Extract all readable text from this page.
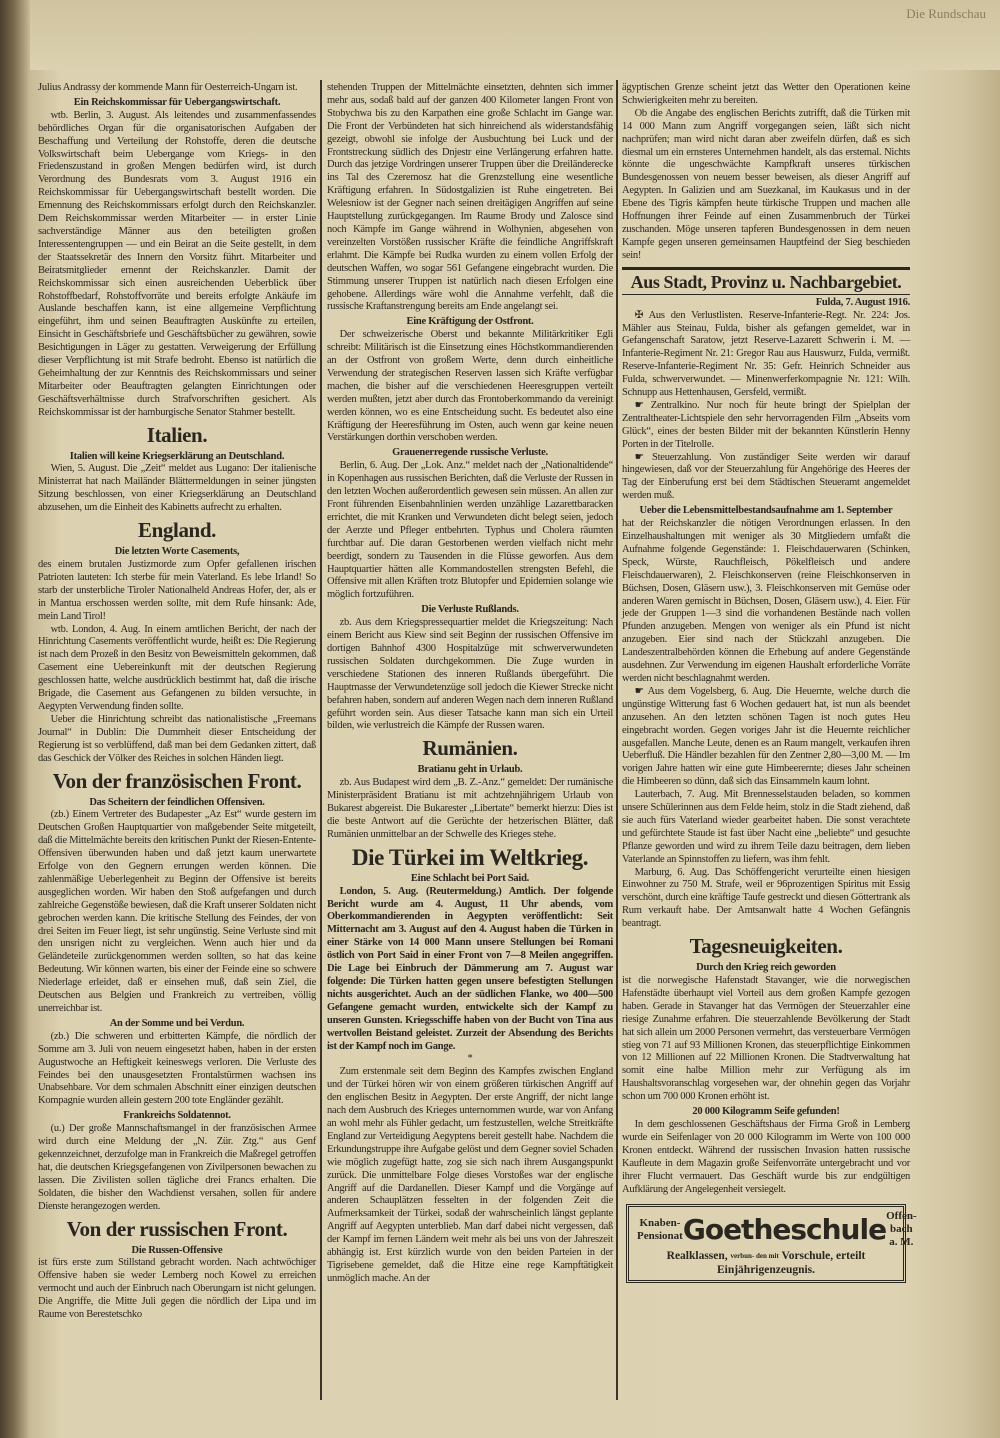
Die Rundschau

Julius Andrassy der kommende Mann für Oesterreich-Ungarn ist.

Ein Reichskommissar für Uebergangswirtschaft.

wtb. Berlin, 3. August. Als leitendes und zusammenfassendes behördliches Organ für die organisatorischen Aufgaben der Beschaffung und Verteilung der Rohstoffe, deren die deutsche Volkswirtschaft beim Uebergange vom Kriegs- in den Friedenszustand in großen Mengen bedürfen wird, ist durch Verordnung des Bundesrats vom 3. August 1916 ein Reichskommissar für Uebergangswirtschaft bestellt worden. Die Ernennung des Reichskommissars erfolgt durch den Reichskanzler. Dem Reichskommissar werden Mitarbeiter — in erster Linie sachverständige Männer aus den beteiligten großen Interessentengruppen — und ein Beirat an die Seite gestellt, in dem der Staatssekretär des Innern den Vorsitz führt. Mitarbeiter und Beiratsmitglieder ernennt der Reichskanzler. Damit der Reichskommissar sich einen ausreichenden Ueberblick über Rohstoffbedarf, Rohstoffvorräte und bereits erfolgte Ankäufe im Auslande beschaffen kann, ist eine allgemeine Verpflichtung eingeführt, ihm und seinen Beauftragten Auskünfte zu erteilen, Einsicht in Geschäftsbriefe und Geschäftsbücher zu gewähren, sowie Besichtigungen in Läger zu gestatten. Verweigerung der Erfüllung dieser Verpflichtung ist mit Strafe bedroht. Ebenso ist natürlich die Geheimhaltung der zur Kenntnis des Reichskommissars und seiner Mitarbeiter oder Beauftragten gelangten Einrichtungen oder Geschäftsverhältnisse durch Strafvorschriften gesichert. Als Reichskommissar ist der hamburgische Senator Stahmer bestellt.

Italien.
Italien will keine Kriegserklärung an Deutschland.

Wien, 5. August. Die „Zeit“ meldet aus Lugano: Der italienische Ministerrat hat nach Mailänder Blättermeldungen in seiner jüngsten Sitzung beschlossen, von einer Kriegserklärung an Deutschland abzusehen, um die Einheit des Kabinetts aufrecht zu erhalten.

England.
Die letzten Worte Casements,

des einem brutalen Justizmorde zum Opfer gefallenen irischen Patrioten lauteten: Ich sterbe für mein Vaterland. Es lebe Irland! So starb der unsterbliche Tiroler Nationalheld Andreas Hofer, der, als er in Mantua erschossen werden sollte, mit dem Rufe hinsank: Ade, mein Land Tirol!

wtb. London, 4. Aug. In einem amtlichen Bericht, der nach der Hinrichtung Casements veröffentlicht wurde, heißt es: Die Regierung ist nach dem Prozeß in den Besitz von Beweismitteln gekommen, daß Casement eine Uebereinkunft mit der deutschen Regierung geschlossen hatte, welche ausdrücklich bestimmt hat, daß die irische Brigade, die Casement aus Gefangenen zu bilden versuchte, in Aegypten Verwendung finden sollte.

Ueber die Hinrichtung schreibt das nationalistische „Freemans Journal“ in Dublin: Die Dummheit dieser Entscheidung der Regierung ist so verblüffend, daß man bei dem Gedanken zittert, daß das Geschick der Völker des Reiches in solchen Händen liegt.

Von der französischen Front.
Das Scheitern der feindlichen Offensiven.

(zb.) Einem Vertreter des Budapester „Az Est“ wurde gestern im Deutschen Großen Hauptquartier von maßgebender Seite mitgeteilt, daß die Mittelmächte bereits den kritischen Punkt der Riesen-Entente-Offensiven überwunden haben und daß jetzt kaum unerwartete Erfolge von den Gegnern errungen werden können. Die zahlenmäßige Ueberlegenheit zu Beginn der Offensive ist bereits ausgeglichen worden. Wir haben den Stoß aufgefangen und durch zahlreiche Gegenstöße bewiesen, daß die Kraft unserer Soldaten nicht gebrochen werden kann. Die kritische Stellung des Feindes, der von drei Seiten im Feuer liegt, ist sehr ungünstig. Seine Verluste sind mit den unsrigen nicht zu vergleichen. Wenn auch hier und da Geländeteile zurückgenommen werden sollten, so hat das keine Bedeutung. Wir können warten, bis einer der Feinde eine so schwere Niederlage erleidet, daß er einsehen muß, daß sein Ziel, die Deutschen aus Belgien und Frankreich zu vertreiben, völlig unerreichbar ist.

An der Somme und bei Verdun.

(zb.) Die schweren und erbitterten Kämpfe, die nördlich der Somme am 3. Juli von neuem eingesetzt haben, haben in der ersten Augustwoche an Heftigkeit keineswegs verloren. Die Verluste des Feindes bei den unausgesetzten Frontalstürmen wachsen ins Unabsehbare. Vor dem schmalen Abschnitt einer einzigen deutschen Kompagnie wurden allein gestern 200 tote Engländer gezählt.

Frankreichs Soldatennot.

(u.) Der große Mannschaftsmangel in der französischen Armee wird durch eine Meldung der „N. Zür. Ztg.“ aus Genf gekennzeichnet, derzufolge man in Frankreich die Maßregel getroffen hat, die deutschen Kriegsgefangenen von Zivilpersonen bewachen zu lassen. Die Zivilisten sollen tägliche drei Francs erhalten. Die Soldaten, die bisher den Wachdienst versahen, sollen für andere Dienste herangezogen werden.

Von der russischen Front.
Die Russen-Offensive

ist fürs erste zum Stillstand gebracht worden. Nach achtwöchiger Offensive haben sie weder Lemberg noch Kowel zu erreichen vermocht und auch der Einbruch nach Oberungarn ist nicht gelungen. Die Angriffe, die Mitte Juli gegen die nördlich der Lipa und im Raume von Berestetschko

stehenden Truppen der Mittelmächte einsetzten, dehnten sich immer mehr aus, sodaß bald auf der ganzen 400 Kilometer langen Front von Stobychwa bis zu den Karpathen eine große Schlacht im Gange war. Die Front der Verbündeten hat sich hinreichend als widerstandsfähig gezeigt, obwohl sie infolge der Ausbuchtung bei Luck und der Frontstreckung südlich des Dnjestr eine Verlängerung erfahren hatte. Durch das jetzige Vordringen unserer Truppen über die Dreiländerecke ins Tal des Czeremosz hat die Grenzstellung eine wesentliche Kräftigung erfahren. In Südostgalizien ist Ruhe eingetreten. Bei Welesniow ist der Gegner nach seinen dreitägigen Angriffen auf seine Hauptstellung zurückgegangen. Im Raume Brody und Zalosce sind noch Kämpfe im Gange während in Wolhynien, abgesehen von vereinzelten Vorstößen russischer Kräfte die feindliche Angriffskraft erlahmt. Die Kämpfe bei Rudka wurden zu einem vollen Erfolg der deutschen Waffen, wo sogar 561 Gefangene eingebracht wurden. Die Stimmung unserer Truppen ist natürlich nach diesen Erfolgen eine gehobene. Allerdings wäre wohl die Annahme verfehlt, daß die russische Kraftanstrengung bereits am Ende angelangt sei.

Eine Kräftigung der Ostfront.

Der schweizerische Oberst und bekannte Militärkritiker Egli schreibt: Militärisch ist die Einsetzung eines Höchstkommandierenden an der Ostfront von großem Werte, denn durch einheitliche Verwendung der strategischen Reserven lassen sich Kräfte verfügbar machen, die bisher auf die verschiedenen Heeresgruppen verteilt werden mußten, jetzt aber durch das Frontoberkommando da vereinigt werden können, wo es eine Entscheidung sucht. Es bedeutet also eine Kräftigung der Heeresführung im Osten, auch wenn gar keine neuen Verstärkungen dorthin verschoben werden.

Grauenerregende russische Verluste.

Berlin, 6. Aug. Der „Lok. Anz.“ meldet nach der „Nationaltidende“ in Kopenhagen aus russischen Berichten, daß die Verluste der Russen in den letzten Wochen außerordentlich gewesen sein müssen. An allen zur Front führenden Eisenbahnlinien werden unzählige Lazarettbaracken errichtet, die mit Kranken und Verwundeten dicht belegt seien, jedoch der Aerzte und Pfleger entbehrten. Typhus und Cholera räumten furchtbar auf. Die daran Gestorbenen werden vielfach nicht mehr beerdigt, sondern zu Tausenden in die Flüsse geworfen. Aus dem Hauptquartier hätten alle Kommandostellen strengsten Befehl, die Offensive mit allen Kräften trotz Blutopfer und Epidemien solange wie möglich fortzuführen.

Die Verluste Rußlands.

zb. Aus dem Kriegspressequartier meldet die Kriegszeitung: Nach einem Bericht aus Kiew sind seit Beginn der russischen Offensive im dortigen Bahnhof 4300 Hospitalzüge mit schwerverwundeten russischen Soldaten durchgekommen. Die Zuge wurden in verschiedene Stationen des inneren Rußlands übergeführt. Die Hauptmasse der Verwundetenzüge soll jedoch die Kiewer Strecke nicht befahren haben, sondern auf anderen Wegen nach dem inneren Rußland geführt worden sein. Aus dieser Tatsache kann man sich ein Urteil bilden, wie verlustreich die Kämpfe der Russen waren.

Rumänien.
Bratianu geht in Urlaub.

zb. Aus Budapest wird dem „B. Z.-Anz.“ gemeldet: Der rumänische Ministerpräsident Bratianu ist mit achtzehnjährigem Urlaub von Bukarest abgereist. Die Bukarester „Libertate“ bemerkt hierzu: Dies ist die beste Antwort auf die Gerüchte der hetzerischen Blätter, daß Rumänien unmittelbar an der Schwelle des Krieges stehe.

Die Türkei im Weltkrieg.
Eine Schlacht bei Port Said.

London, 5. Aug. (Reutermeldung.) Amtlich. Der folgende Bericht wurde am 4. August, 11 Uhr abends, vom Oberkommandierenden in Aegypten veröffentlicht: Seit Mitternacht am 3. August auf den 4. August haben die Türken in einer Stärke von 14 000 Mann unsere Stellungen bei Romani östlich von Port Said in einer Front von 7—8 Meilen angegriffen. Die Lage bei Einbruch der Dämmerung am 7. August war folgende: Die Türken hatten gegen unsere befestigten Stellungen nichts ausgerichtet. Auch an der südlichen Flanke, wo 400—500 Gefangene gemacht wurden, entwickelte sich der Kampf zu unseren Gunsten. Kriegsschiffe haben von der Bucht von Tina aus wertvollen Beistand geleistet. Zurzeit der Absendung des Berichts ist der Kampf noch im Gange.

*

Zum erstenmale seit dem Beginn des Kampfes zwischen England und der Türkei hören wir von einem größeren türkischen Angriff auf den englischen Besitz in Aegypten. Der erste Angriff, der nicht lange nach dem Ausbruch des Krieges unternommen wurde, war von Anfang an wohl mehr als Fühler gedacht, um festzustellen, welche Streitkräfte England zur Verteidigung Aegyptens bereit gestellt habe. Nachdem die Erkundungstruppe ihre Aufgabe gelöst und dem Gegner soviel Schaden wie möglich zugefügt hatte, zog sie sich nach ihrem Ausgangspunkt zurück. Die unmittelbare Folge dieses Vorstoßes war der englische Angriff auf die Dardanellen. Dieser Kampf und die Vorgänge auf anderen Schauplätzen fesselten in der folgenden Zeit die Aufmerksamkeit der Türkei, sodaß der wahrscheinlich längst geplante Angriff auf Aegypten unterblieb. Man darf dabei nicht vergessen, daß der Kampf im fernen Ländern weit mehr als bei uns von der Jahreszeit abhängig ist. Erst kürzlich wurde von den beiden Parteien in der Tigrisebene gemeldet, daß die Hitze eine rege Kampftätigkeit unmöglich mache. An der

ägyptischen Grenze scheint jetzt das Wetter den Operationen keine Schwierigkeiten mehr zu bereiten.

Ob die Angabe des englischen Berichts zutrifft, daß die Türken mit 14 000 Mann zum Angriff vorgegangen seien, läßt sich nicht nachprüfen; man wird nicht daran aber zweifeln dürfen, daß es sich diesmal um ein ernsteres Unternehmen handelt, als das erstemal. Nichts könnte die ungeschwächte Kampfkraft unseres türkischen Bundesgenossen von neuem besser beweisen, als dieser Angriff auf Aegypten. In Galizien und am Suezkanal, im Kaukasus und in der Ebene des Tigris kämpfen heute türkische Truppen und machen alle Hoffnungen ihrer Feinde auf einen Zusammenbruch der Türkei zuschanden. Möge unseren tapferen Bundesgenossen in dem neuen Kampfe gegen unseren gemeinsamen Hauptfeind der Sieg beschieden sein!

Aus Stadt, Provinz u. Nachbargebiet.
Fulda, 7. August 1916.

✠ Aus den Verlustlisten. Reserve-Infanterie-Regt. Nr. 224: Jos. Mähler aus Steinau, Fulda, bisher als gefangen gemeldet, war in Gefangenschaft Saratow, jetzt Reserve-Lazarett Schwerin i. M. — Infanterie-Regiment Nr. 21: Gregor Rau aus Hauswurz, Fulda, vermißt. Reserve-Infanterie-Regiment Nr. 35: Gefr. Heinrich Schneider aus Fulda, schwerverwundet. — Minenwerferkompagnie Nr. 121: Wilh. Schnupp aus Hettenhausen, Gersfeld, vermißt.

☛ Zentralkino. Nur noch für heute bringt der Spielplan der Zentraltheater-Lichtspiele den sehr hervorragenden Film „Abseits vom Glück“, eines der besten Bilder mit der bekannten Künstlerin Henny Porten in der Titelrolle.

☛ Steuerzahlung. Von zuständiger Seite werden wir darauf hingewiesen, daß vor der Steuerzahlung für Angehörige des Heeres der Tag der Einberufung erst bei dem Städtischen Steueramt angemeldet werden muß.

Ueber die Lebensmittelbestandsaufnahme am 1. September

hat der Reichskanzler die nötigen Verordnungen erlassen. In den Einzelhaushaltungen mit weniger als 30 Mitgliedern umfaßt die Aufnahme folgende Gegenstände: 1. Fleischdauerwaren (Schinken, Speck, Würste, Rauchfleisch, Pökelfleisch und andere Fleischdauerwaren), 2. Fleischkonserven (reine Fleischkonserven in Büchsen, Dosen, Gläsern usw.), 3. Fleischkonserven mit Gemüse oder anderen Waren gemischt in Büchsen, Dosen, Gläsern usw.), 4. Eier. Für jede der Gruppen 1—3 sind die vorhandenen Bestände nach vollen Pfunden anzugeben. Mengen von weniger als ein Pfund ist nicht anzugeben. Eier sind nach der Stückzahl anzugeben. Die Landeszentralbehörden können die Erhebung auf andere Gegenstände ausdehnen. Zur Verwendung im eigenen Haushalt erforderliche Vorräte werden nicht beschlagnahmt werden.

☛ Aus dem Vogelsberg, 6. Aug. Die Heuernte, welche durch die ungünstige Witterung fast 6 Wochen gedauert hat, ist nun als beendet anzusehen. An den letzten schönen Tagen ist noch gutes Heu eingebracht worden. Gegen voriges Jahr ist die Heuernte reichlicher ausgefallen. Manche Leute, denen es an Raum mangelt, verkaufen ihren Ueberfluß. Die Händler bezahlen für den Zentner 2,80—3,00 M. — Im vorigen Jahre hatten wir eine gute Himbeerernte; dieses Jahr scheinen die Himbeeren so dünn, daß sich das Einsammeln kaum lohnt.

Lauterbach, 7. Aug. Mit Brennesselstauden beladen, so kommen unsere Schülerinnen aus dem Felde heim, stolz in die Stadt ziehend, daß sie auch fürs Vaterland wieder gearbeitet haben. Die sonst verachtete und gefürchtete Staude ist fast über Nacht eine „beliebte“ und gesuchte Pflanze geworden und wird zu ihrem Teile dazu beitragen, dem lieben Vaterlande an Spinnstoffen zu liefern, was ihm fehlt.

Marburg, 6. Aug. Das Schöffengericht verurteilte einen hiesigen Einwohner zu 750 M. Strafe, weil er 96prozentigen Spiritus mit Essig verschönt, durch eine kräftige Taufe gestreckt und diesen Göttertrank als Rum verkauft habe. Der Amtsanwalt hatte 4 Wochen Gefängnis beantragt.

Tagesneuigkeiten.
Durch den Krieg reich geworden

ist die norwegische Hafenstadt Stavanger, wie die norwegischen Hafenstädte überhaupt viel Vorteil aus dem großen Kampfe gezogen haben. Gerade in Stavanger hat das Vermögen der Steuerzahler eine riesige Zunahme erfahren. Die steuerzahlende Bevölkerung der Stadt hat sich allein um 2000 Personen vermehrt, das versteuerbare Vermögen stieg von 71 auf 93 Millionen Kronen, das steuerpflichtige Einkommen von 12 Millionen auf 22 Millionen Kronen. Die Stadtverwaltung hat somit eine halbe Million mehr zur Verfügung als im Haushaltsvoranschlag vorgesehen war, der ohnehin gegen das Vorjahr schon um 700 000 Kronen erhöht ist.

20 000 Kilogramm Seife gefunden!

In dem geschlossenen Geschäftshaus der Firma Groß in Lemberg wurde ein Seifenlager von 20 000 Kilogramm im Werte von 100 000 Kronen entdeckt. Während der russischen Invasion hatten russische Kaufleute in dem Magazin große Seifenvorräte untergebracht und vor ihrer Flucht vermauert. Das Geschäft wurde bis zur endgültigen Aufklärung der Angelegenheit versiegelt.

Knaben-
Pensionat Goetheschule Offen-
bach a. M.
Realklassen, verbun- den mit Vorschule, erteilt Einjährigenzeugnis.
